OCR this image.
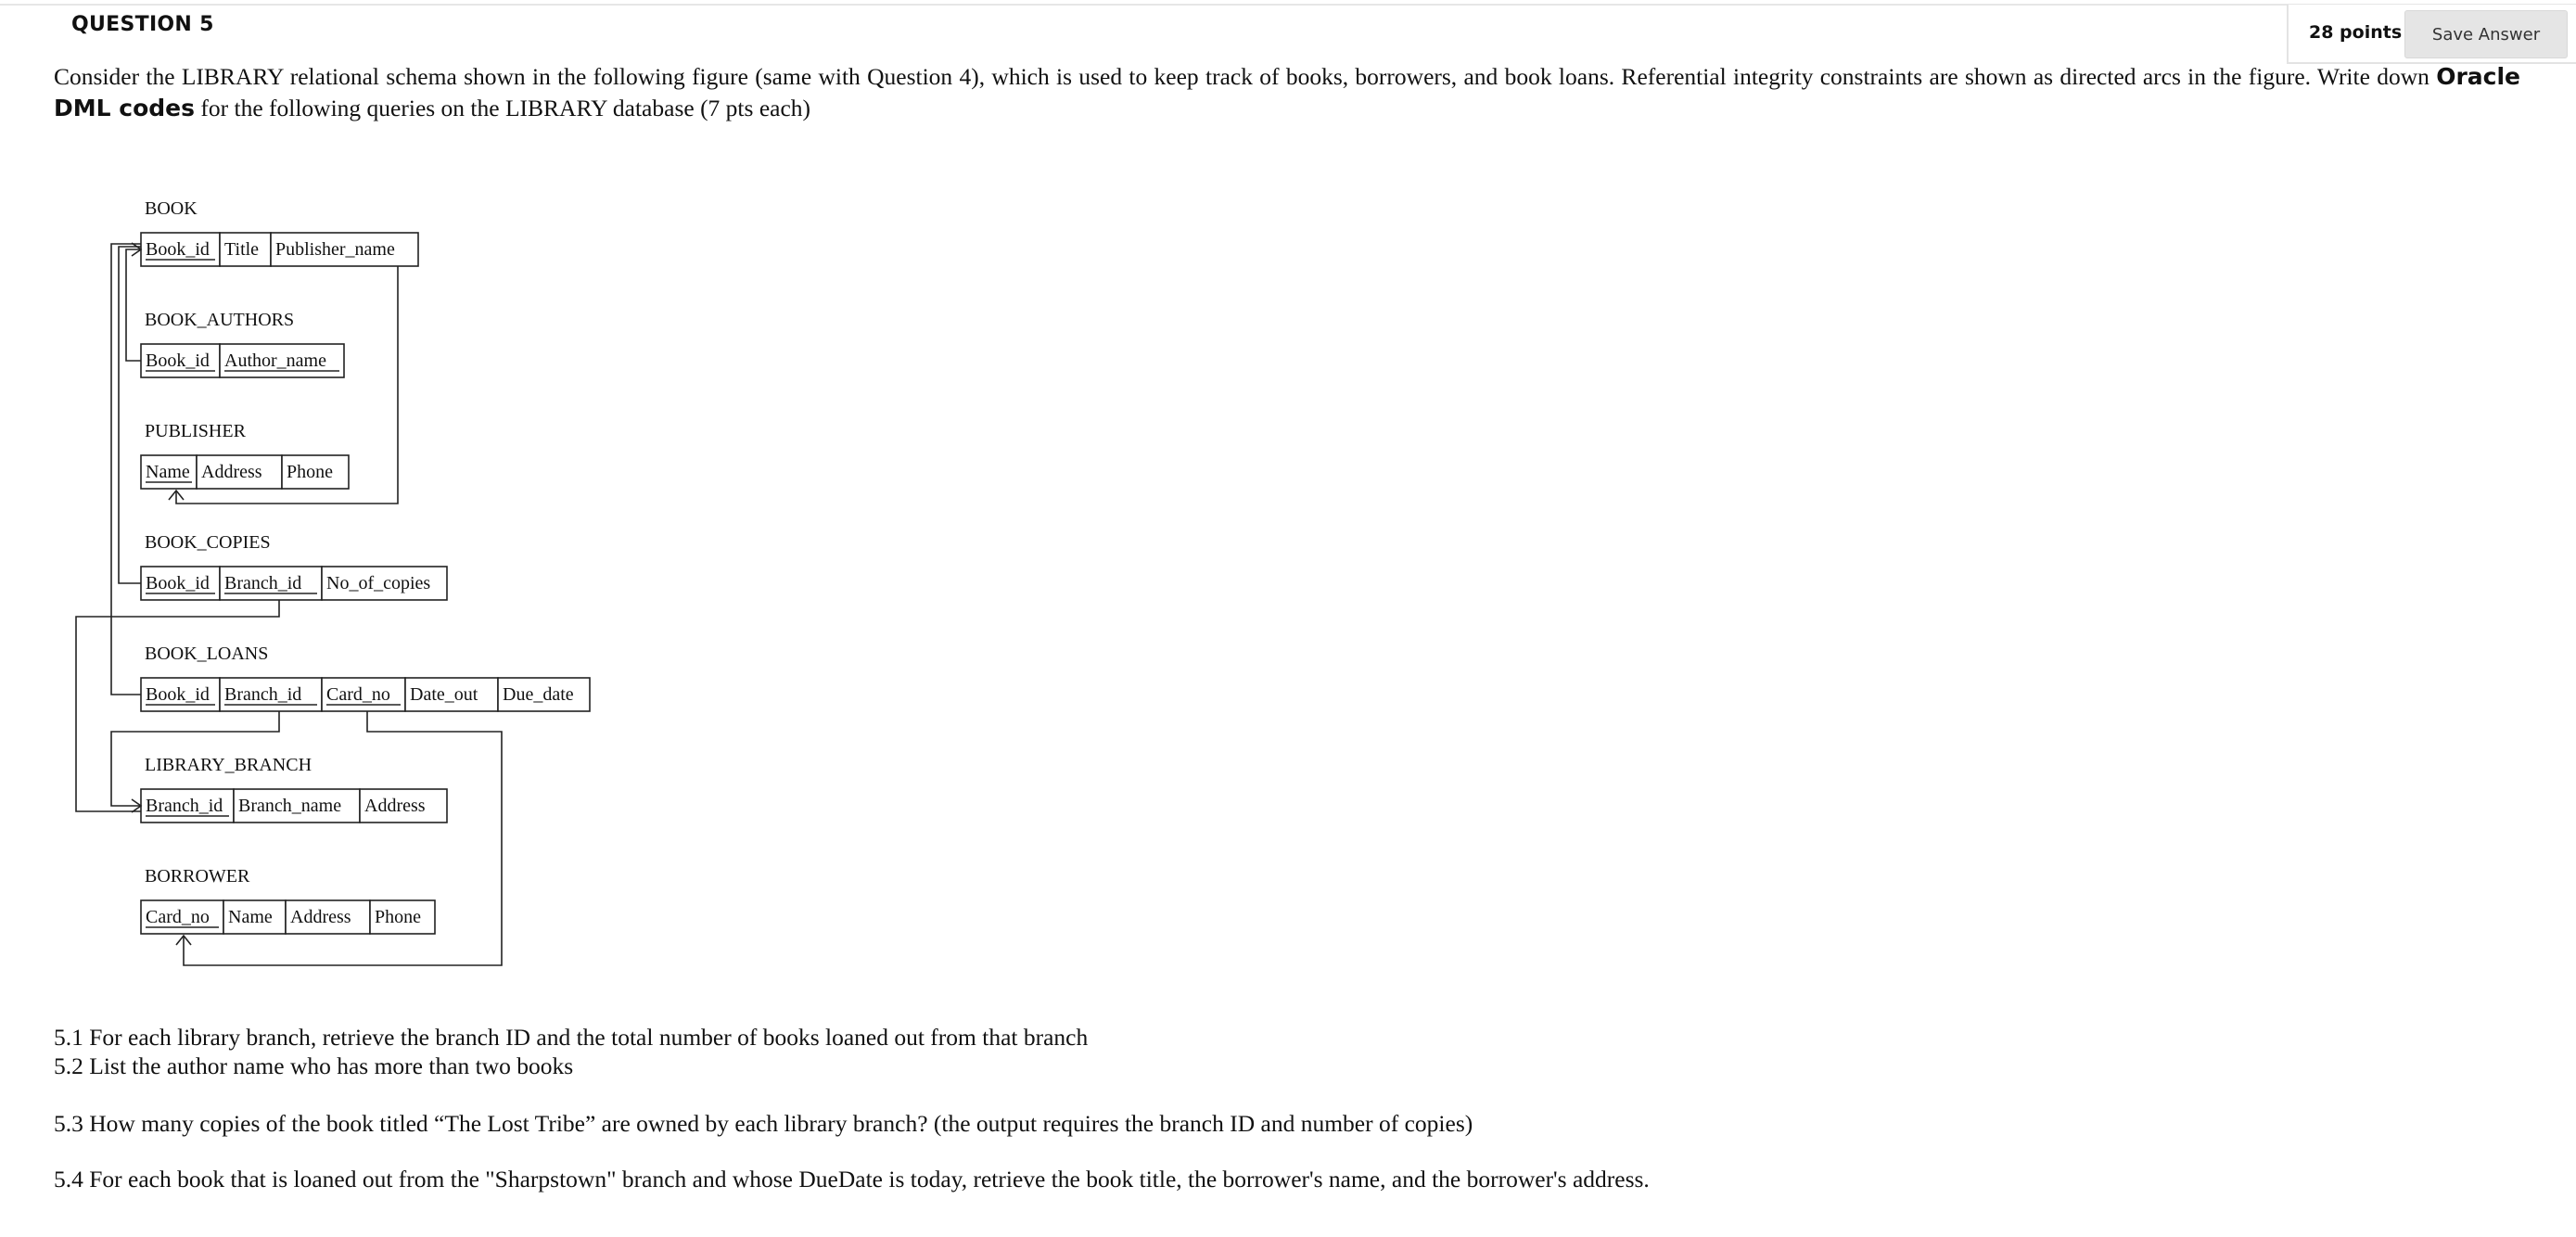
QUESTION 5	28 points	Save Answer
Consider the LIBRARY relational schema shown in the following figure (same with Question 4), which is used to keep track of books, borrowers, and book loans. Referential integrity constraints are shown as directed arcs in the figure. Write down Oracle DML codes for the following queries on the LIBRARY database (7 pts each)
BOOK
Book_id Title Publisher_name
BOOK_AUTHORS
Book_id Author_name
PUBLISHER
Name Address Phone
BOOK_COPIES
Book_id Branch_id No_of_copies
BOOK_LOANS
Book_id Branch_id Card_no Date_out Due_date
LIBRARY_BRANCH
Branch_id Branch_name Address
BORROWER
Card_no Name Address Phone
5.1 For each library branch, retrieve the branch ID and the total number of books loaned out from that branch
5.2 List the author name who has more than two books
5.3 How many copies of the book titled “The Lost Tribe” are owned by each library branch? (the output requires the branch ID and number of copies)
5.4 For each book that is loaned out from the "Sharpstown" branch and whose DueDate is today, retrieve the book title, the borrower's name, and the borrower's address.
